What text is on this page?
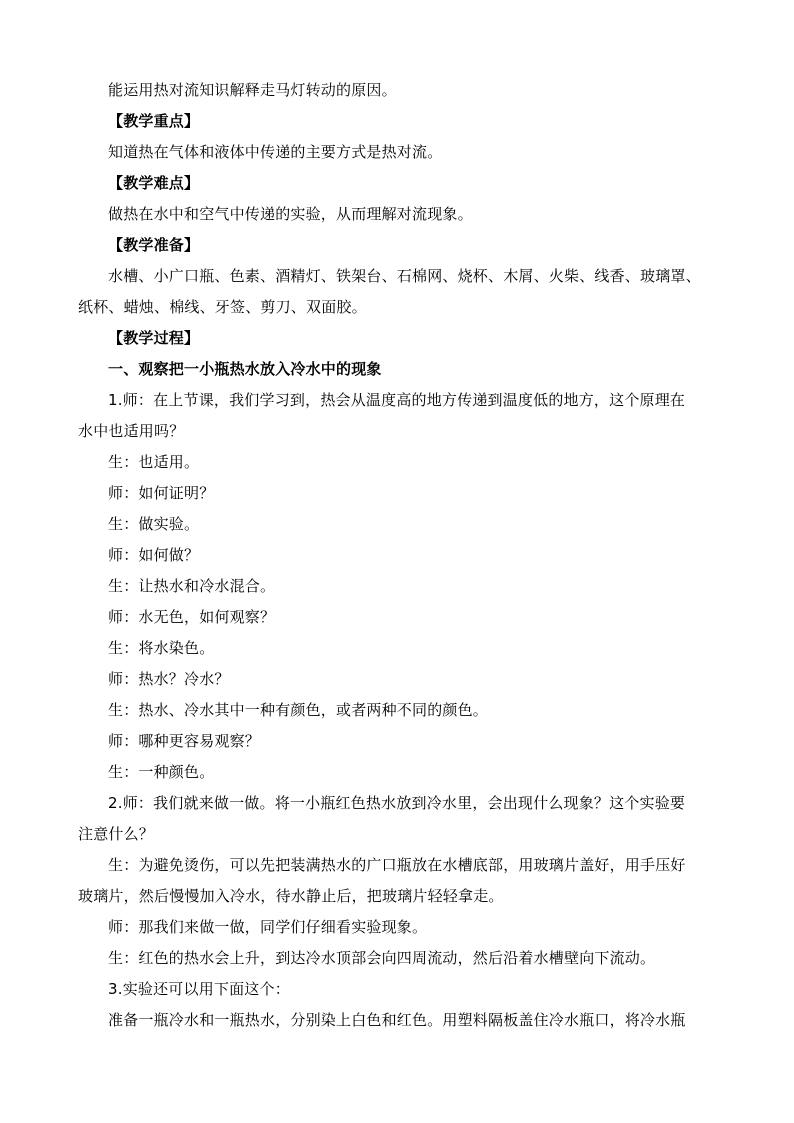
能运用热对流知识解释走马灯转动的原因。
【教学重点】
知道热在气体和液体中传递的主要方式是热对流。
【教学难点】
做热在水中和空气中传递的实验，从而理解对流现象。
【教学准备】
水槽、小广口瓶、色素、酒精灯、铁架台、石棉网、烧杯、木屑、火柴、线香、玻璃罩、
纸杯、蜡烛、棉线、牙签、剪刀、双面胶。
【教学过程】
一、观察把一小瓶热水放入冷水中的现象
1.师：在上节课，我们学习到，热会从温度高的地方传递到温度低的地方，这个原理在
水中也适用吗？
生：也适用。
师：如何证明？
生：做实验。
师：如何做？
生：让热水和冷水混合。
师：水无色，如何观察？
生：将水染色。
师：热水？冷水？
生：热水、冷水其中一种有颜色，或者两种不同的颜色。
师：哪种更容易观察？
生：一种颜色。
2.师：我们就来做一做。将一小瓶红色热水放到冷水里，会出现什么现象？这个实验要
注意什么？
生：为避免烫伤，可以先把装满热水的广口瓶放在水槽底部，用玻璃片盖好，用手压好
玻璃片，然后慢慢加入冷水，待水静止后，把玻璃片轻轻拿走。
师：那我们来做一做，同学们仔细看实验现象。
生：红色的热水会上升，到达冷水顶部会向四周流动，然后沿着水槽壁向下流动。
3.实验还可以用下面这个：
准备一瓶冷水和一瓶热水，分别染上白色和红色。用塑料隔板盖住冷水瓶口，将冷水瓶
